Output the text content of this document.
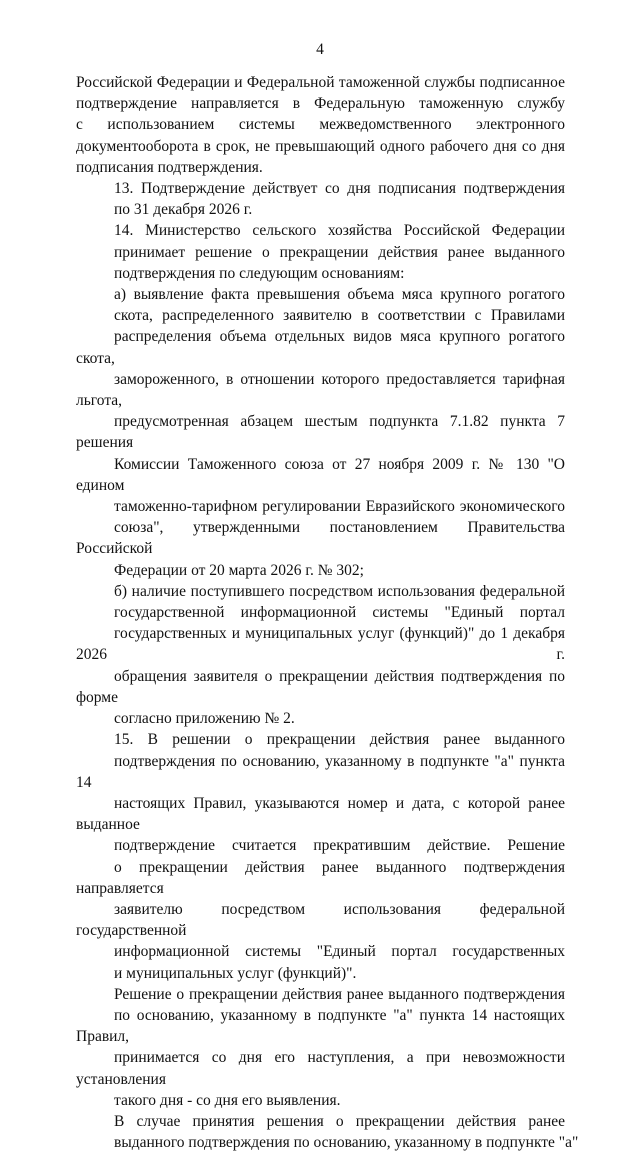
4

Российской Федерации и Федеральной таможенной службы подписанное
подтверждение направляется в Федеральную таможенную службу
с использованием системы межведомственного электронного
документооборота в срок, не превышающий одного рабочего дня со дня
подписания подтверждения.

13. Подтверждение действует со дня подписания подтверждения
по 31 декабря 2026 г.

14. Министерство сельского хозяйства Российской Федерации
принимает решение о прекращении действия ранее выданного
подтверждения по следующим основаниям:

а) выявление факта превышения объема мяса крупного рогатого
скота, распределенного заявителю в соответствии с Правилами
распределения объема отдельных видов мяса крупного рогатого скота,
замороженного, в отношении которого предоставляется тарифная льгота,
предусмотренная абзацем шестым подпункта 7.1.82 пункта 7 решения
Комиссии Таможенного союза от 27 ноября 2009 г. № 130 "О едином
таможенно-тарифном регулировании Евразийского экономического
союза", утвержденными постановлением Правительства Российской
Федерации от 20 марта 2026 г. № 302;

б) наличие поступившего посредством использования федеральной
государственной информационной системы "Единый портал
государственных и муниципальных услуг (функций)" до 1 декабря 2026 г.
обращения заявителя о прекращении действия подтверждения по форме
согласно приложению № 2.

15. В решении о прекращении действия ранее выданного
подтверждения по основанию, указанному в подпункте "а" пункта 14
настоящих Правил, указываются номер и дата, с которой ранее выданное
подтверждение считается прекратившим действие. Решение
о прекращении действия ранее выданного подтверждения направляется
заявителю посредством использования федеральной государственной
информационной системы "Единый портал государственных
и муниципальных услуг (функций)".

Решение о прекращении действия ранее выданного подтверждения
по основанию, указанному в подпункте "а" пункта 14 настоящих Правил,
принимается со дня его наступления, а при невозможности установления
такого дня - со дня его выявления.

В случае принятия решения о прекращении действия ранее
выданного подтверждения по основанию, указанному в подпункте "а"
